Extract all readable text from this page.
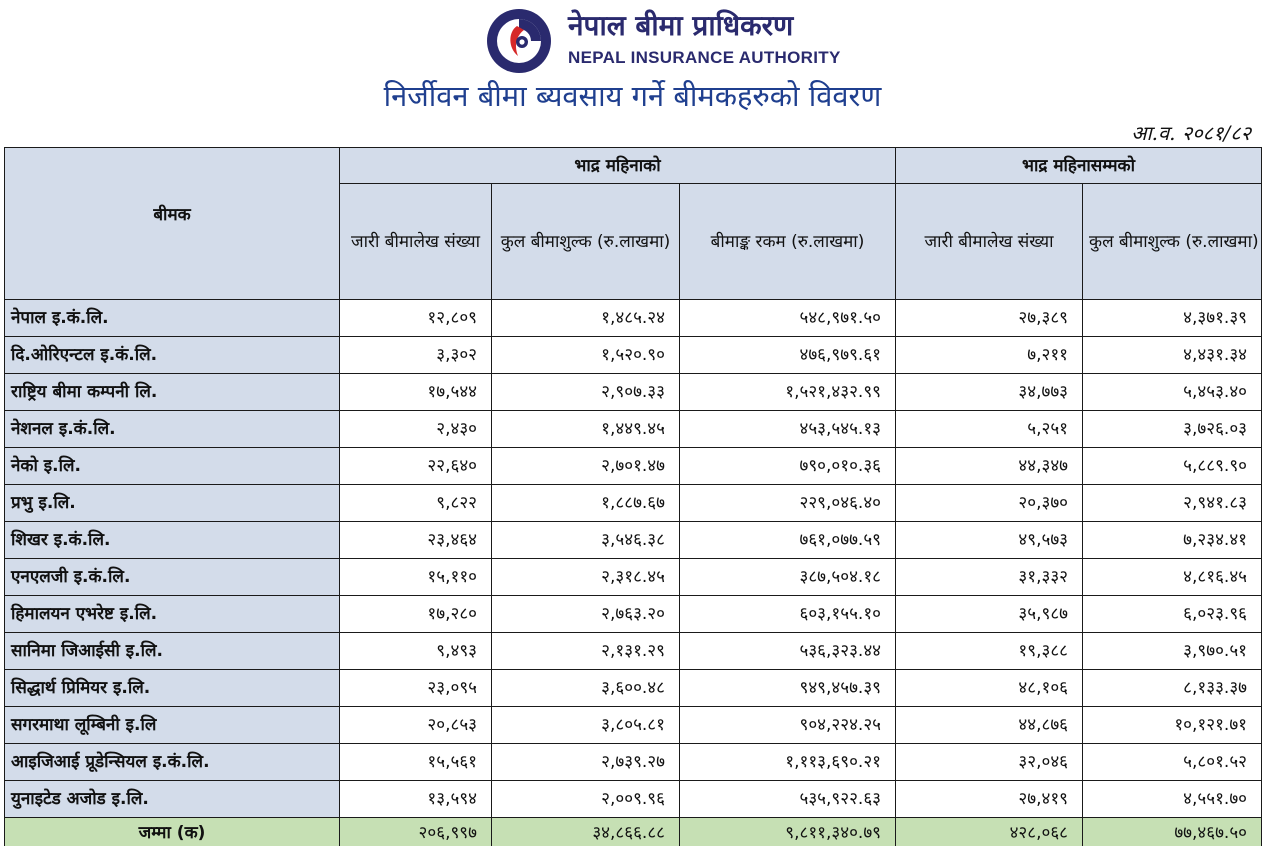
नेपाल बीमा प्राधिकरण
NEPAL INSURANCE AUTHORITY
निर्जीवन बीमा ब्यवसाय गर्ने बीमकहरुको विवरण
आ.व. २०८१/८२
बीमक	भाद्र महिनाको			भाद्र महिनासम्मको	
	जारी बीमालेख संख्या	कुल बीमाशुल्क (रु.लाखमा)	बीमाङ्क रकम (रु.लाखमा)	जारी बीमालेख संख्या	कुल बीमाशुल्क (रु.लाखमा)
नेपाल इ.कं.लि.	१२,८०९	१,४८५.२४	५४८,९७१.५०	२७,३८९	४,३७१.३९
दि.ओरिएन्टल इ.कं.लि.	३,३०२	१,५२०.९०	४७६,९७९.६१	७,२११	४,४३१.३४
राष्ट्रिय बीमा कम्पनी लि.	१७,५४४	२,९०७.३३	१,५२१,४३२.९९	३४,७७३	५,४५३.४०
नेशनल इ.कं.लि.	२,४३०	१,४४९.४५	४५३,५४५.१३	५,२५१	३,७२६.०३
नेको इ.लि.	२२,६४०	२,७०१.४७	७९०,०१०.३६	४४,३४७	५,८८९.९०
प्रभु इ.लि.	९,८२२	१,८८७.६७	२२९,०४६.४०	२०,३७०	२,९४१.८३
शिखर इ.कं.लि.	२३,४६४	३,५४६.३८	७६१,०७७.५९	४९,५७३	७,२३४.४१
एनएलजी इ.कं.लि.	१५,११०	२,३१८.४५	३८७,५०४.१८	३१,३३२	४,८१६.४५
हिमालयन एभरेष्ट इ.लि.	१७,२८०	२,७६३.२०	६०३,१५५.१०	३५,९८७	६,०२३.९६
सानिमा जिआईसी इ.लि.	९,४९३	२,१३१.२९	५३६,३२३.४४	१९,३८८	३,९७०.५१
सिद्धार्थ प्रिमियर इ.लि.	२३,०९५	३,६००.४८	९४९,४५७.३९	४८,१०६	८,१३३.३७
सगरमाथा लूम्बिनी इ.लि	२०,८५३	३,८०५.८१	९०४,२२४.२५	४४,८७६	१०,१२१.७१
आइजिआई प्रूडेन्सियल इ.कं.लि.	१५,५६१	२,७३९.२७	१,११३,६९०.२१	३२,०४६	५,८०१.५२
युनाइटेड अजोड इ.लि.	१३,५९४	२,००९.९६	५३५,९२२.६३	२७,४१९	४,५५१.७०
जम्मा (क)	२०६,९९७	३४,८६६.८८	९,८११,३४०.७९	४२८,०६८	७७,४६७.५०
